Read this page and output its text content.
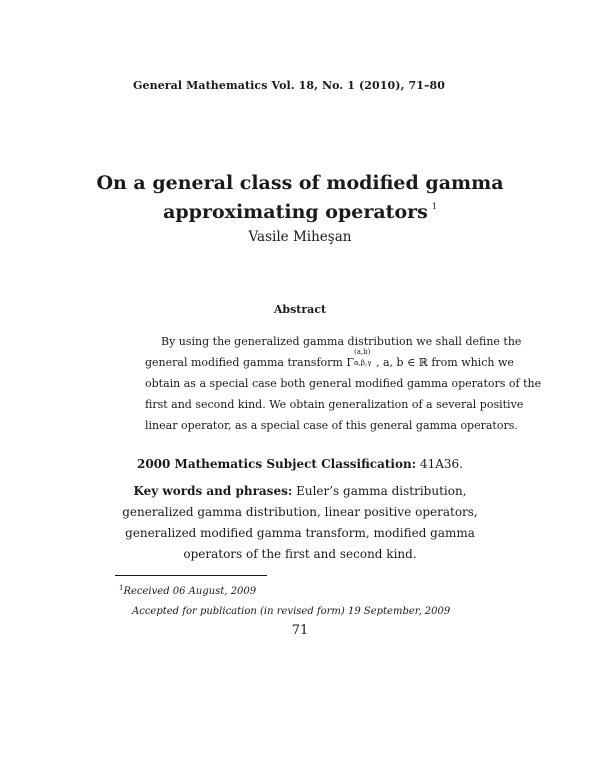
General Mathematics Vol. 18, No. 1 (2010), 71–80
On a general class of modified gamma
approximating operators $^1$
Vasile Miheşan
Abstract
By using the generalized gamma distribution we shall define the
general modified gamma transform Γ
(a,b)
α,β,γ , a, b ∈ ℝ from which we
obtain as a special case both general modified gamma operators of the
first and second kind. We obtain generalization of a several positive
linear operator, as a special case of this general gamma operators.
2000 Mathematics Subject Classification: 41A36.
Key words and phrases: Euler’s gamma distribution, generalized gamma distribution, linear positive operators, generalized modified gamma transform, modified gamma operators of the first and second kind.
$^1$Received 06 August, 2009
Accepted for publication (in revised form) 19 September, 2009
71
